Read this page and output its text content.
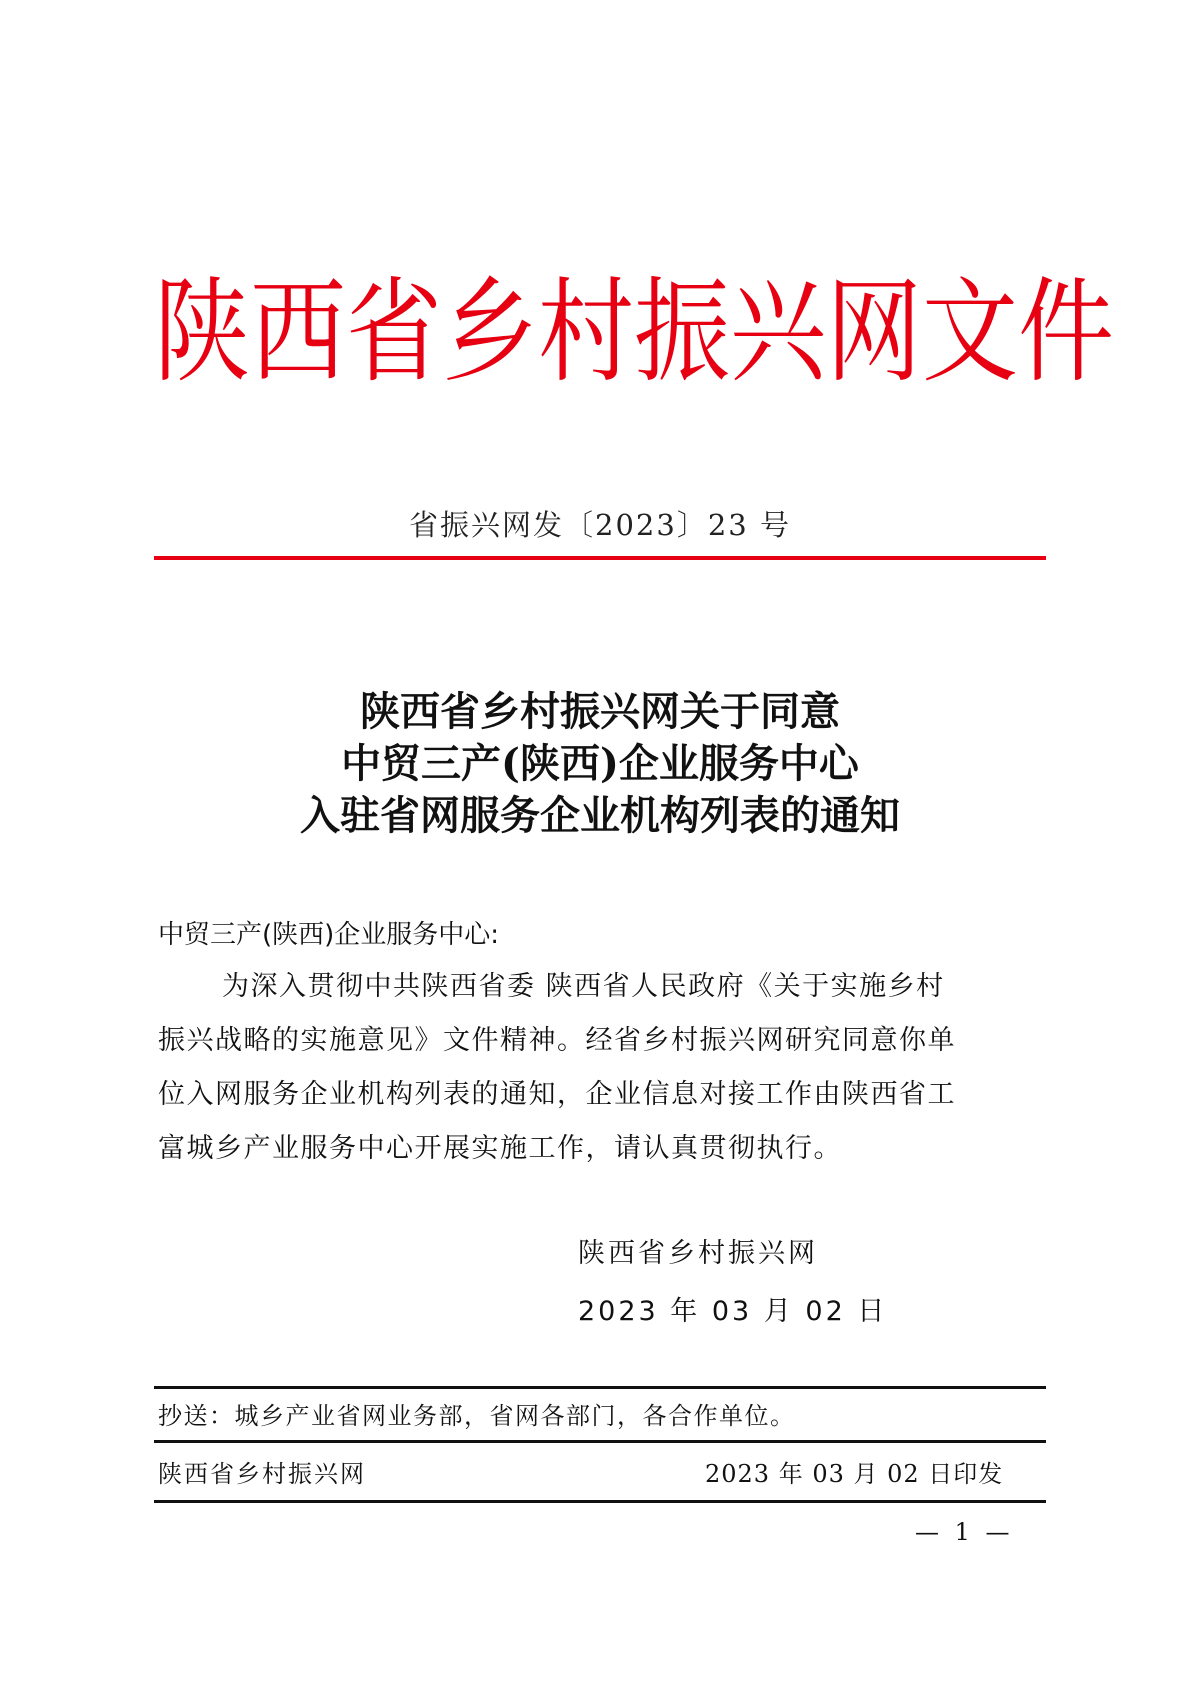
陕 西 省 乡 村 振 兴 网 文 件
省振兴网发〔2023〕23 号
陕西省乡村振兴网关于同意
中贸三产(陕西)企业服务中心
入驻省网服务企业机构列表的通知
中贸三产(陕西)企业服务中心:
为深入贯彻中共陕西省委 陕西省人民政府《关于实施乡村
振兴战略的实施意见》文件精神。经省乡村振兴网研究同意你单
位入网服务企业机构列表的通知，企业信息对接工作由陕西省工
富城乡产业服务中心开展实施工作，请认真贯彻执行。
陕西省乡村振兴网
2023 年 03 月 02 日
抄送：城乡产业省网业务部，省网各部门，各合作单位。
陕西省乡村振兴网	2023 年 03 月 02 日印发
— 1 —
